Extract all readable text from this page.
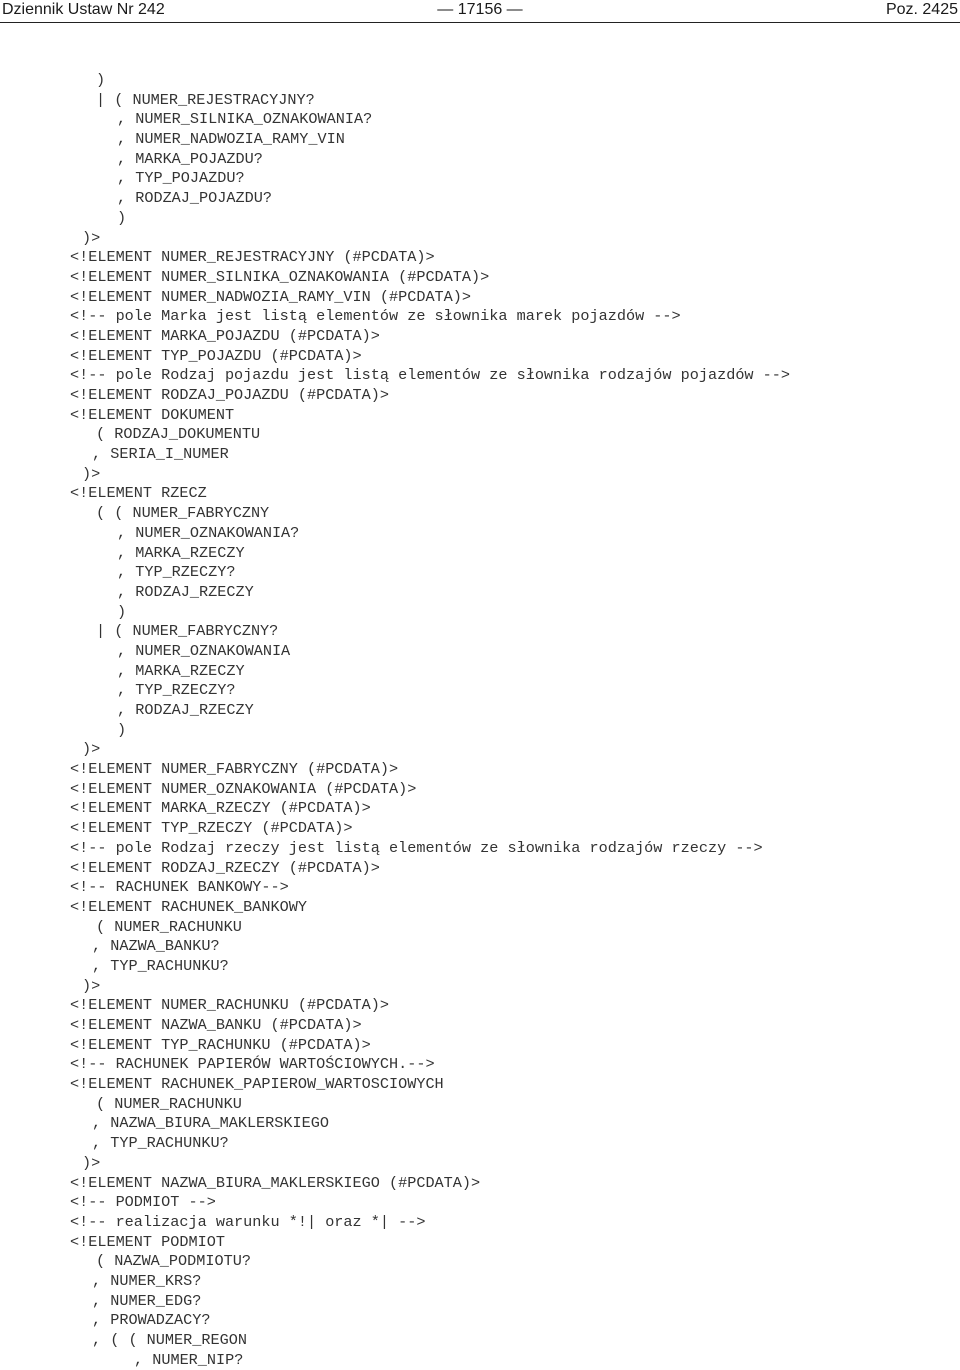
Dziennik Ustaw Nr 242	— 17156 —	Poz. 2425
)
| ( NUMER_REJESTRACYJNY?
, NUMER_SILNIKA_OZNAKOWANIA?
, NUMER_NADWOZIA_RAMY_VIN
, MARKA_POJAZDU?
, TYP_POJAZDU?
, RODZAJ_POJAZDU?
)
)>
<!ELEMENT NUMER_REJESTRACYJNY (#PCDATA)>
<!ELEMENT NUMER_SILNIKA_OZNAKOWANIA (#PCDATA)>
<!ELEMENT NUMER_NADWOZIA_RAMY_VIN (#PCDATA)>
<!-- pole Marka jest listą elementów ze słownika marek pojazdów -->
<!ELEMENT MARKA_POJAZDU (#PCDATA)>
<!ELEMENT TYP_POJAZDU (#PCDATA)>
<!-- pole Rodzaj pojazdu jest listą elementów ze słownika rodzajów pojazdów -->
<!ELEMENT RODZAJ_POJAZDU (#PCDATA)>
<!ELEMENT DOKUMENT
( RODZAJ_DOKUMENTU
, SERIA_I_NUMER
)>
<!ELEMENT RZECZ
( ( NUMER_FABRYCZNY
, NUMER_OZNAKOWANIA?
, MARKA_RZECZY
, TYP_RZECZY?
, RODZAJ_RZECZY
)
| ( NUMER_FABRYCZNY?
, NUMER_OZNAKOWANIA
, MARKA_RZECZY
, TYP_RZECZY?
, RODZAJ_RZECZY
)
)>
<!ELEMENT NUMER_FABRYCZNY (#PCDATA)>
<!ELEMENT NUMER_OZNAKOWANIA (#PCDATA)>
<!ELEMENT MARKA_RZECZY (#PCDATA)>
<!ELEMENT TYP_RZECZY (#PCDATA)>
<!-- pole Rodzaj rzeczy jest listą elementów ze słownika rodzajów rzeczy -->
<!ELEMENT RODZAJ_RZECZY (#PCDATA)>
<!-- RACHUNEK BANKOWY-->
<!ELEMENT RACHUNEK_BANKOWY
( NUMER_RACHUNKU
, NAZWA_BANKU?
, TYP_RACHUNKU?
)>
<!ELEMENT NUMER_RACHUNKU (#PCDATA)>
<!ELEMENT NAZWA_BANKU (#PCDATA)>
<!ELEMENT TYP_RACHUNKU (#PCDATA)>
<!-- RACHUNEK PAPIERÓW WARTOŚCIOWYCH.-->
<!ELEMENT RACHUNEK_PAPIEROW_WARTOSCIOWYCH
( NUMER_RACHUNKU
, NAZWA_BIURA_MAKLERSKIEGO
, TYP_RACHUNKU?
)>
<!ELEMENT NAZWA_BIURA_MAKLERSKIEGO (#PCDATA)>
<!-- PODMIOT -->
<!-- realizacja warunku *!| oraz *| -->
<!ELEMENT PODMIOT
( NAZWA_PODMIOTU?
, NUMER_KRS?
, NUMER_EDG?
, PROWADZACY?
, ( ( NUMER_REGON
, NUMER_NIP?
